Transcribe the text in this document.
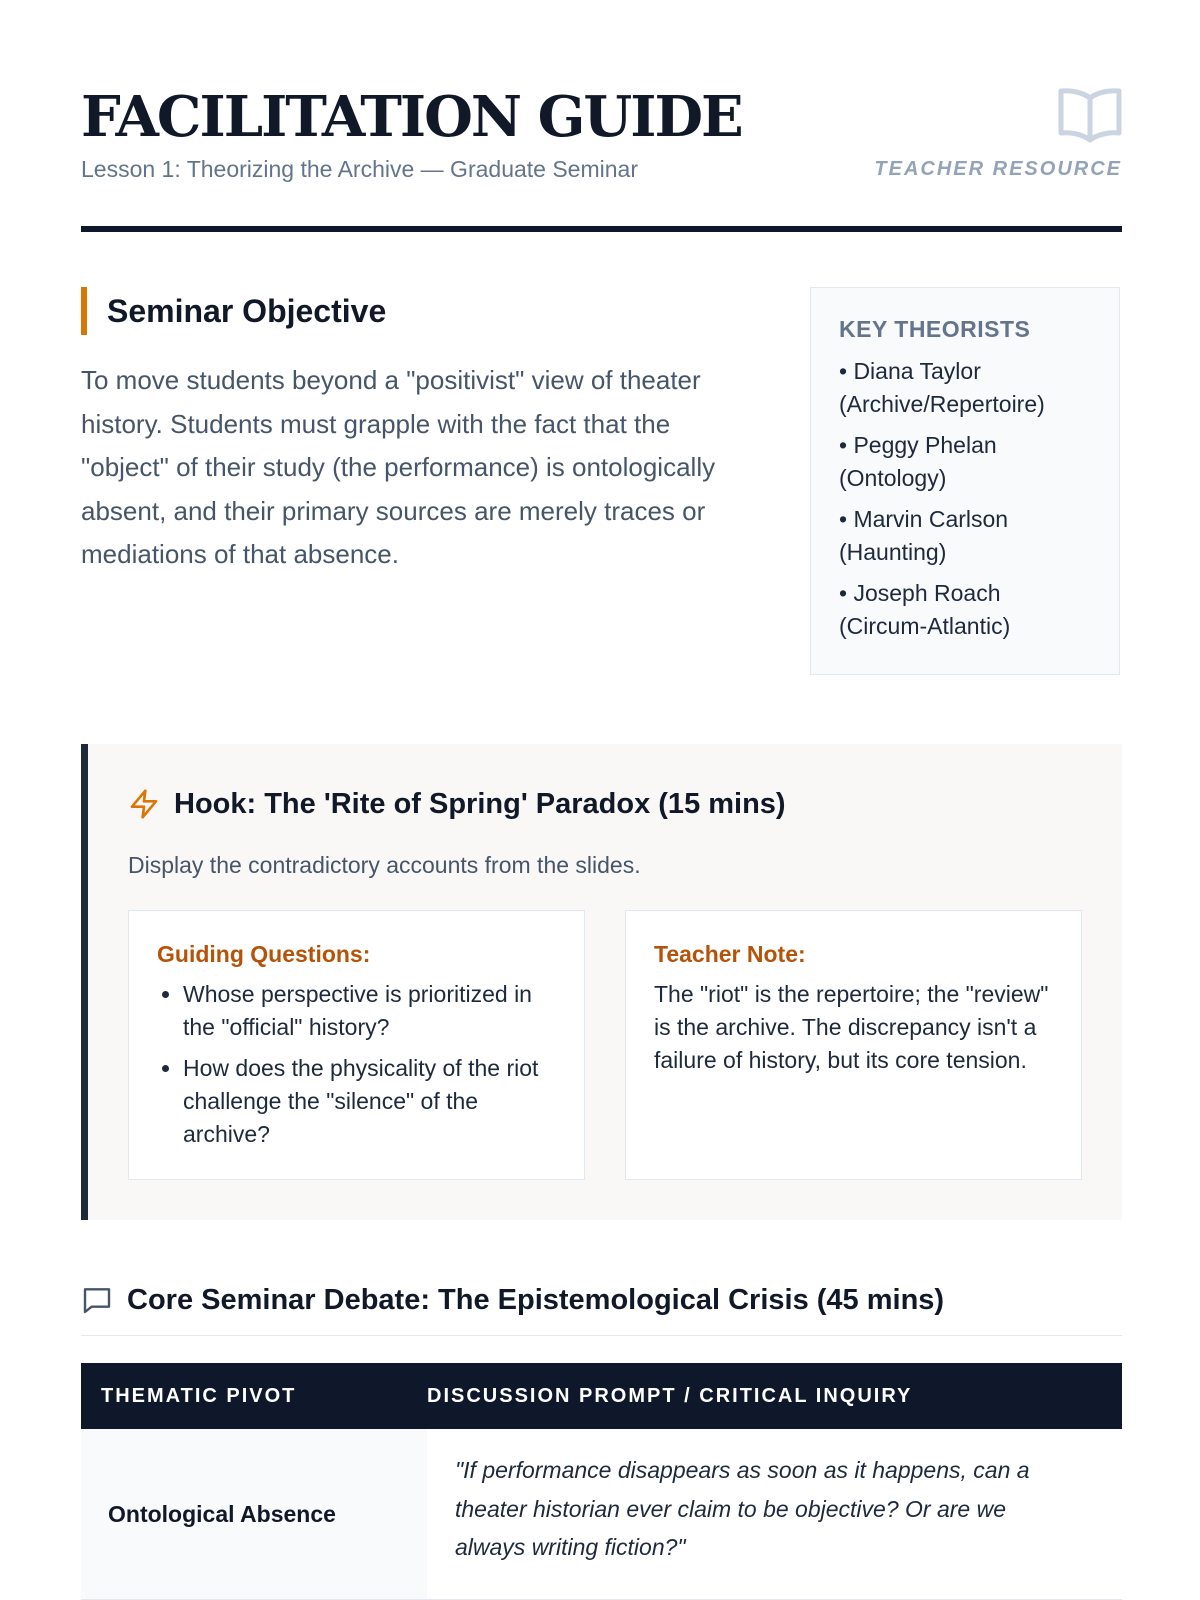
FACILITATION GUIDE
Lesson 1: Theorizing the Archive — Graduate Seminar	TEACHER RESOURCE
Seminar Objective

To move students beyond a "positivist" view of theater history. Students must grapple with the fact that the "object" of their study (the performance) is ontologically absent, and their primary sources are merely traces or mediations of that absence.

KEY THEORISTS
• Diana Taylor (Archive/Repertoire)
• Peggy Phelan (Ontology)
• Marvin Carlson (Haunting)
• Joseph Roach (Circum-Atlantic)
Hook: The 'Rite of Spring' Paradox (15 mins)
Display the contradictory accounts from the slides.
Guiding Questions:
• Whose perspective is prioritized in the "official" history?
• How does the physicality of the riot challenge the "silence" of the archive?
Teacher Note:

The "riot" is the repertoire; the "review" is the archive. The discrepancy isn't a failure of history, but its core tension.

Core Seminar Debate: The Epistemological Crisis (45 mins)
THEMATIC PIVOT	DISCUSSION PROMPT / CRITICAL INQUIRY
Ontological Absence
"If performance disappears as soon as it happens, can a theater historian ever claim to be objective? Or are we always writing fiction?"
